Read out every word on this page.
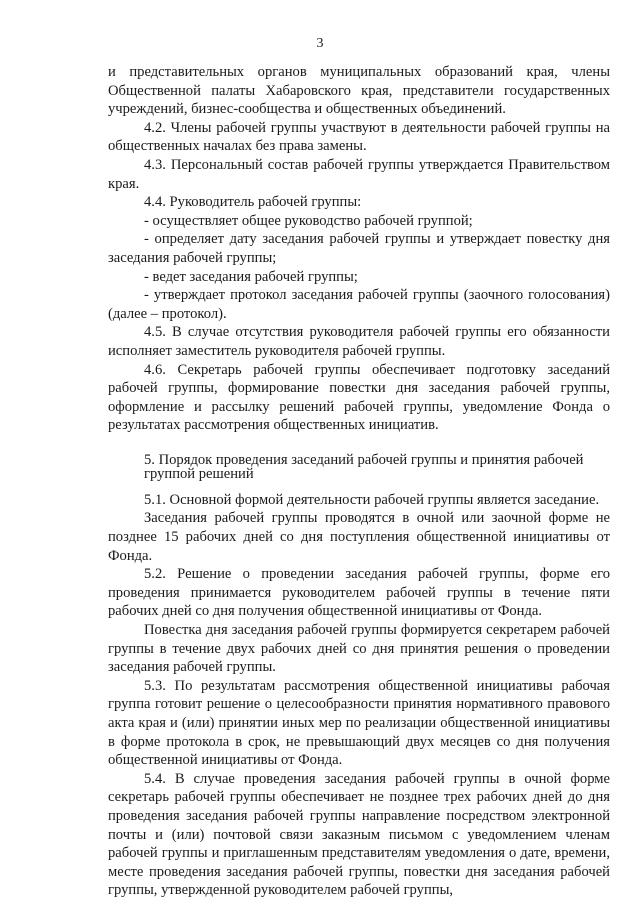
3

и представительных органов муниципальных образований края, члены Общественной палаты Хабаровского края, представители государственных учреждений, бизнес-сообщества и общественных объединений.

4.2. Члены рабочей группы участвуют в деятельности рабочей группы на общественных началах без права замены.

4.3. Персональный состав рабочей группы утверждается Правительством края.

4.4. Руководитель рабочей группы:

- осуществляет общее руководство рабочей группой;

- определяет дату заседания рабочей группы и утверждает повестку дня заседания рабочей группы;

- ведет заседания рабочей группы;

- утверждает протокол заседания рабочей группы (заочного голосования) (далее – протокол).

4.5. В случае отсутствия руководителя рабочей группы его обязанности исполняет заместитель руководителя рабочей группы.

4.6. Секретарь рабочей группы обеспечивает подготовку заседаний рабочей группы, формирование повестки дня заседания рабочей группы, оформление и рассылку решений рабочей группы, уведомление Фонда о результатах рассмотрения общественных инициатив.

5. Порядок проведения заседаний рабочей группы и принятия рабочей группой решений

5.1. Основной формой деятельности рабочей группы является заседание.

Заседания рабочей группы проводятся в очной или заочной форме не позднее 15 рабочих дней со дня поступления общественной инициативы от Фонда.

5.2. Решение о проведении заседания рабочей группы, форме его проведения принимается руководителем рабочей группы в течение пяти рабочих дней со дня получения общественной инициативы от Фонда.

Повестка дня заседания рабочей группы формируется секретарем рабочей группы в течение двух рабочих дней со дня принятия решения о проведении заседания рабочей группы.

5.3. По результатам рассмотрения общественной инициативы рабочая группа готовит решение о целесообразности принятия нормативного правового акта края и (или) принятии иных мер по реализации общественной инициативы в форме протокола в срок, не превышающий двух месяцев со дня получения общественной инициативы от Фонда.

5.4. В случае проведения заседания рабочей группы в очной форме секретарь рабочей группы обеспечивает не позднее трех рабочих дней до дня проведения заседания рабочей группы направление посредством электронной почты и (или) почтовой связи заказным письмом с уведомлением членам рабочей группы и приглашенным представителям уведомления о дате, времени, месте проведения заседания рабочей группы, повестки дня заседания рабочей группы, утвержденной руководителем рабочей группы,
